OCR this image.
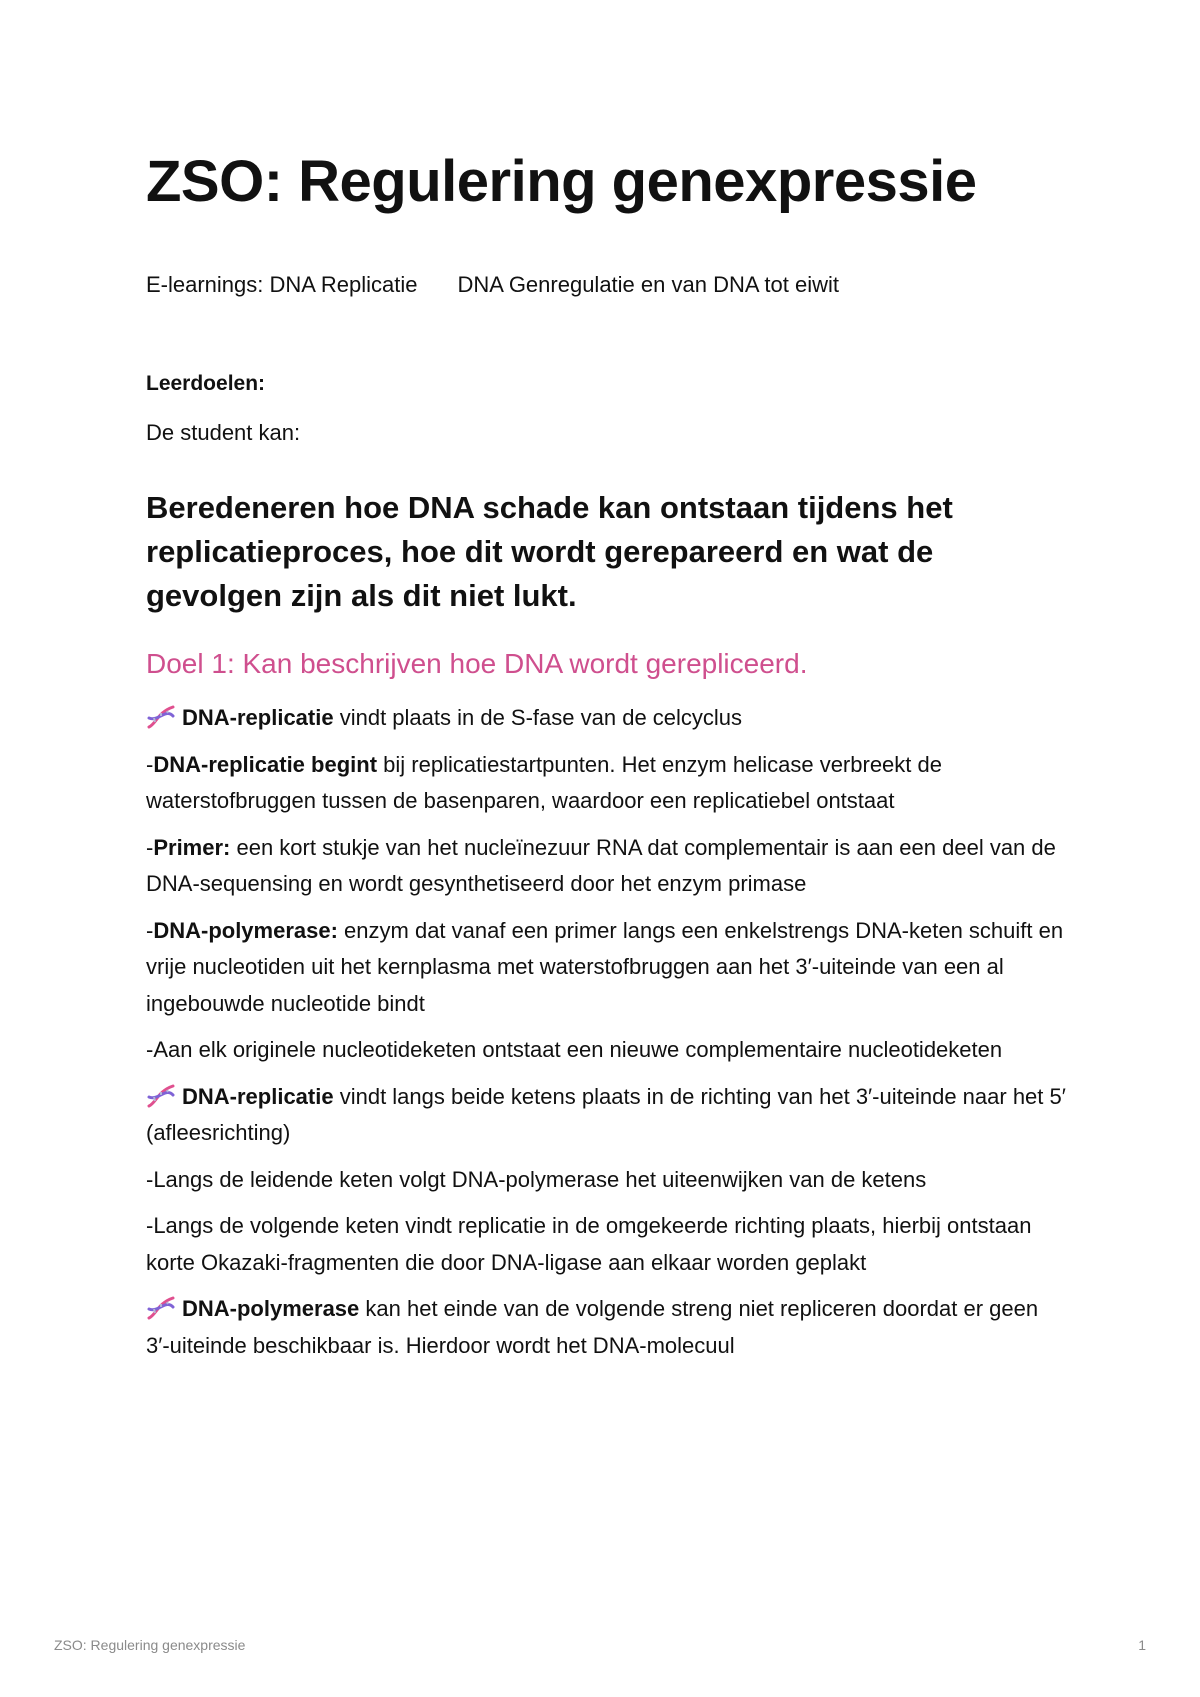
ZSO: Regulering genexpressie
E-learnings: DNA Replicatie DNA Genregulatie en van DNA tot eiwit
Leerdoelen:
De student kan:
Beredeneren hoe DNA schade kan ontstaan tijdens het replicatieproces, hoe dit wordt gerepareerd en wat de gevolgen zijn als dit niet lukt.
Doel 1: Kan beschrijven hoe DNA wordt gerepliceerd.

DNA-replicatie vindt plaats in de S-fase van de celcyclus

-DNA-replicatie begint bij replicatiestartpunten. Het enzym helicase verbreekt de waterstofbruggen tussen de basenparen, waardoor een replicatiebel ontstaat

-Primer: een kort stukje van het nucleïnezuur RNA dat complementair is aan een deel van de DNA-sequensing en wordt gesynthetiseerd door het enzym primase

-DNA-polymerase: enzym dat vanaf een primer langs een enkelstrengs DNA-keten schuift en vrije nucleotiden uit het kernplasma met waterstofbruggen aan het 3′-uiteinde van een al ingebouwde nucleotide bindt

-Aan elk originele nucleotideketen ontstaat een nieuwe complementaire nucleotideketen

DNA-replicatie vindt langs beide ketens plaats in de richting van het 3′-uiteinde naar het 5′ (afleesrichting)

-Langs de leidende keten volgt DNA-polymerase het uiteenwijken van de ketens

-Langs de volgende keten vindt replicatie in de omgekeerde richting plaats, hierbij ontstaan korte Okazaki-fragmenten die door DNA-ligase aan elkaar worden geplakt

DNA-polymerase kan het einde van de volgende streng niet repliceren doordat er geen 3′-uiteinde beschikbaar is. Hierdoor wordt het DNA-molecuul

ZSO: Regulering genexpressie	1
